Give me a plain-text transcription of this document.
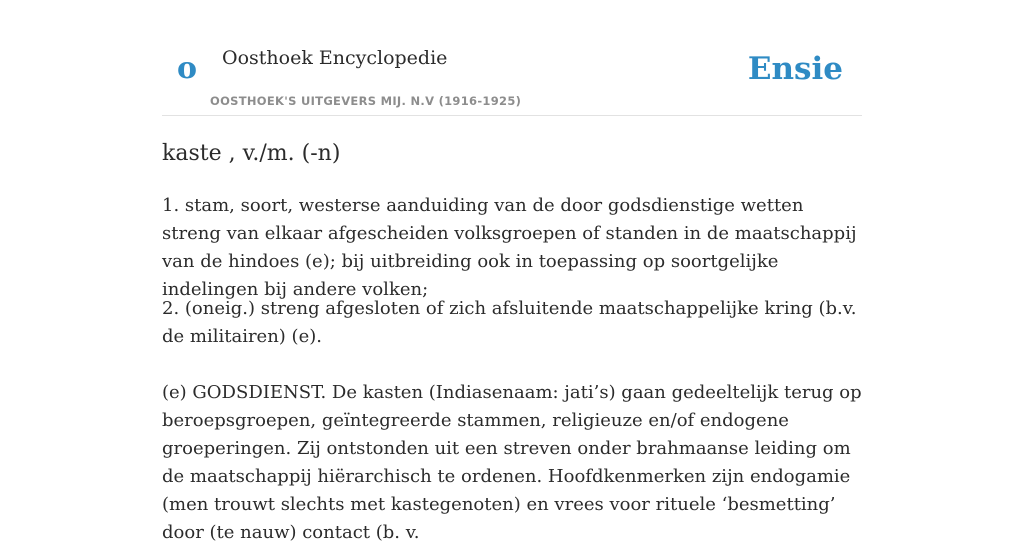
o Oosthoek Encyclopedie
OOSTHOEK'S UITGEVERS MIJ. N.V (1916-1925)
Ensie
kaste , v./m. (-n)

1. stam, soort, westerse aanduiding van de door godsdienstige wetten streng van elkaar afgescheiden volksgroepen of standen in de maatschappij van de hindoes (e); bij uitbreiding ook in toepassing op soortgelijke indelingen bij andere volken;

2. (oneig.) streng afgesloten of zich afsluitende maatschappelijke kring (b.v. de militairen) (e).

(e) GODSDIENST. De kasten (Indiasenaam: jati’s) gaan gedeeltelijk terug op beroepsgroepen, geïntegreerde stammen, religieuze en/of endogene groeperingen. Zij ontstonden uit een streven onder brahmaanse leiding om de maatschappij hiërarchisch te ordenen. Hoofdkenmerken zijn endogamie (men trouwt slechts met kastegenoten) en vrees voor rituele ‘besmetting’ door (te nauw) contact (b. v.
